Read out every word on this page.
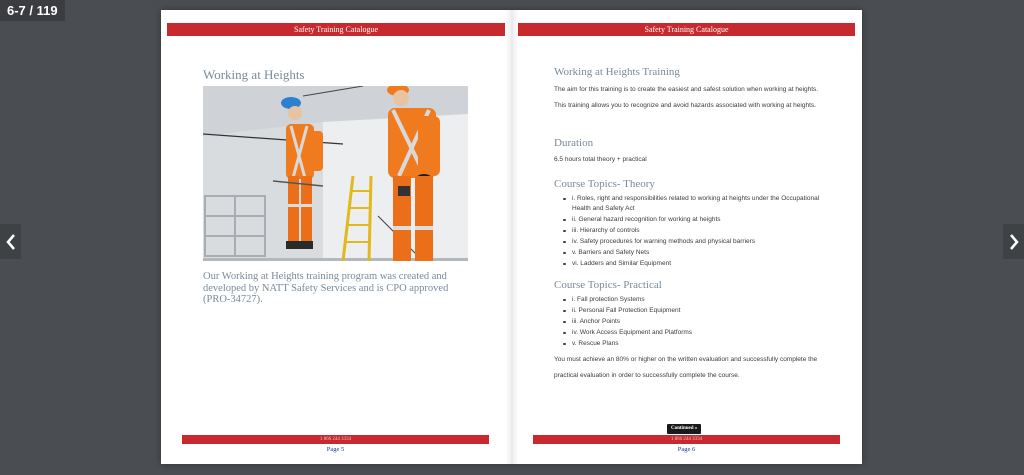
6-7 / 119
Safety Training Catalogue
Working at Heights
Our Working at Heights training program was created and developed by NATT Safety Services and is CPO approved (PRO-34727).
1 866 244 3334
Page 5
Safety Training Catalogue
Working at Heights Training
The aim for this training is to create the easiest and safest solution when working at heights. This training allows you to recognize and avoid hazards associated with working at heights.
Duration
6.5 hours total theory + practical
Course Topics- Theory
i. Roles, right and responsibilities related to working at heights under the Occupational Health and Safety Act
ii. General hazard recognition for working at heights
iii. Hierarchy of controls
iv. Safety procedures for warning methods and physical barriers
v. Barriers and Safety Nets
vi. Ladders and Similar Equipment
Course Topics- Practical
i. Fall protection Systems
ii. Personal Fall Protection Equipment
iii. Anchor Points
iv. Work Access Equipment and Platforms
v. Rescue Plans
You must achieve an 80% or higher on the written evaluation and successfully complete the practical evaluation in order to successfully complete the course.
Continued »
1 866 244 3334
Page 6
